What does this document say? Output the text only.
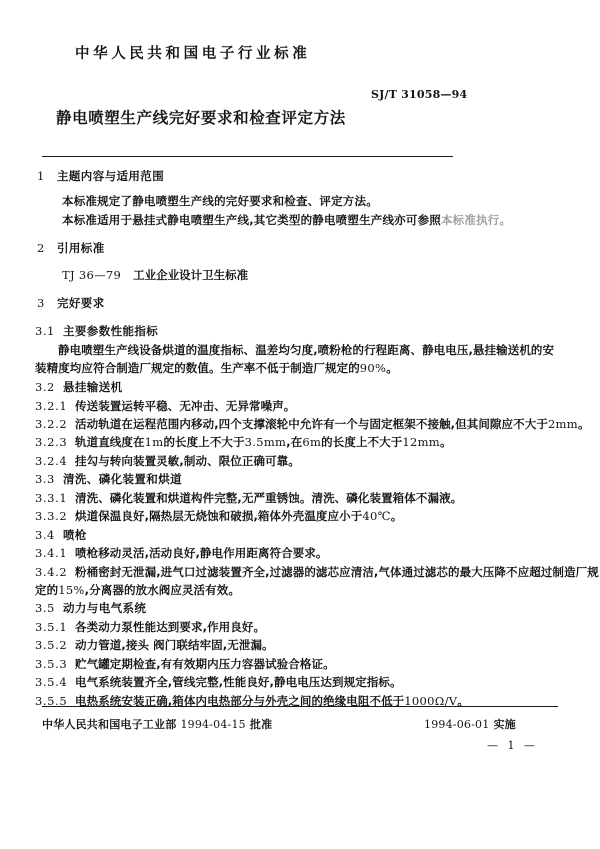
中华人民共和国电子行业标准
SJ/T 31058—94
静电喷塑生产线完好要求和检查评定方法
1	主题内容与适用范围
本标准规定了静电喷塑生产线的完好要求和检查、评定方法。
本标准适用于悬挂式静电喷塑生产线,其它类型的静电喷塑生产线亦可参照本标准执行。
2	引用标准
TJ 36—79 工业企业设计卫生标准
3	完好要求
3.1 主要参数性能指标
静电喷塑生产线设备烘道的温度指标、温差均匀度,喷粉枪的行程距离、静电电压,悬挂输送机的安装精度均应符合制造厂规定的数值。生产率不低于制造厂规定的90%。
3.2 悬挂输送机
3.2.1 传送装置运转平稳、无冲击、无异常噪声。
3.2.2 活动轨道在运程范围内移动,四个支撑滚轮中允许有一个与固定框架不接触,但其间隙应不大于2mm。
3.2.3 轨道直线度在1m的长度上不大于3.5mm,在6m的长度上不大于12mm。
3.2.4 挂勾与转向装置灵敏,制动、限位正确可靠。
3.3 清洗、磷化装置和烘道
3.3.1 清洗、磷化装置和烘道构件完整,无严重锈蚀。清洗、磷化装置箱体不漏液。
3.3.2 烘道保温良好,隔热层无烧蚀和破损,箱体外壳温度应小于40℃。
3.4 喷枪
3.4.1 喷枪移动灵活,活动良好,静电作用距离符合要求。
3.4.2 粉桶密封无泄漏,进气口过滤装置齐全,过滤器的滤芯应清洁,气体通过滤芯的最大压降不应超过制造厂规定的15%,分离器的放水阀应灵活有效。
3.5 动力与电气系统
3.5.1 各类动力泵性能达到要求,作用良好。
3.5.2 动力管道,接头 阀门联结牢固,无泄漏。
3.5.3 贮气罐定期检查,有有效期内压力容器试验合格证。
3.5.4 电气系统装置齐全,管线完整,性能良好,静电电压达到规定指标。
3.5.5 电热系统安装正确,箱体内电热部分与外壳之间的绝缘电阻不低于1000Ω/V。
中华人民共和国电子工业部 1994-04-15 批准	1994-06-01 实施
— 1 —
